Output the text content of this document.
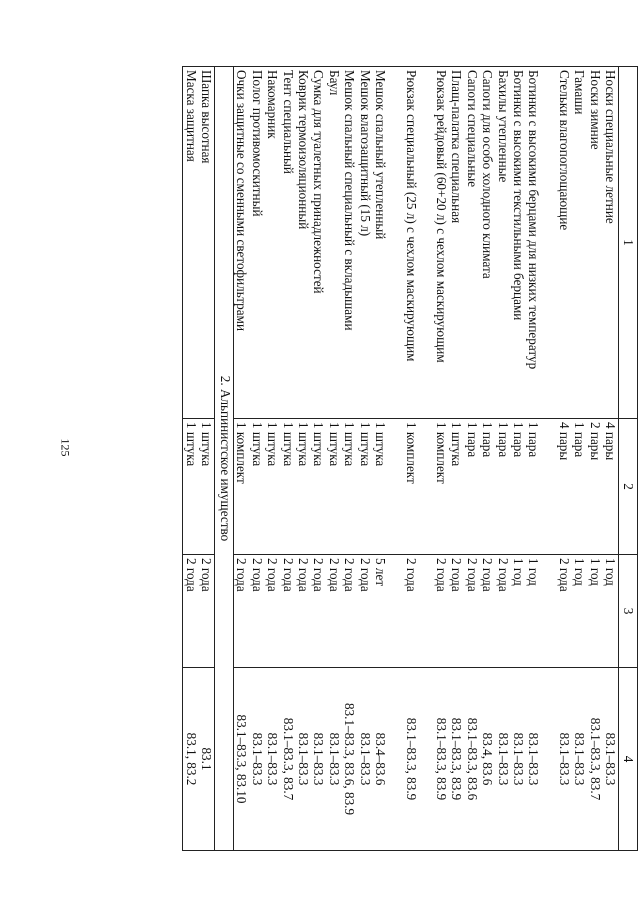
125
1	2	3	4

Носки специальные летние	4 пары	1 год	83.1–83.3

Носки зимние	2 пары	1 год	83.1–83.3, 83.7

Гамаши	1 пара	1 год	83.1–83.3

Стельки влагопоглощающие	4 пары	2 года	83.1–83.3

Ботинки с высокими берцами для низких температур	1 пара	1 год	83.1–83.3

Ботинки с высокими текстильными берцами	1 пара	1 год	83.1–83.3

Бахилы утепленные	1 пара	2 года	83.1–83.3

Сапоги для особо холодного климата	1 пара	2 года	83.4, 83.6

Сапоги специальные	1 пара	2 года	83.1–83.3, 83.6

Плащ-палатка специальная	1 штука	2 года	83.1–83.3, 83.9

Рюкзак рейдовый (60+20 л) с чехлом маскирующим	1 комплект	2 года	83.1–83.3, 83.9

Рюкзак специальный (25 л) с чехлом маскирующим	1 комплект	2 года	83.1–83.3, 83.9

Мешок спальный утепленный	1 штука	5 лет	83.4–83.6

Мешок влагозащитный (15 л)	1 штука	2 года	83.1–83.3

Мешок спальный специальный с вкладышами	1 штука	2 года	83.1–83.3, 83.6, 83.9

Баул	1 штука	2 года	83.1–83.3

Сумка для туалетных принадлежностей	1 штука	2 года	83.1–83.3

Коврик термоизоляционный	1 штука	2 года	83.1–83.3

Тент специальный	1 штука	2 года	83.1–83.3, 83.7

Накомарник	1 штука	2 года	83.1–83.3

Полог противомоскитный	1 штука	2 года	83.1–83.3

Очки защитные со сменными светофильтрами	1 комплект	2 года	83.1–83.3, 83.10
2. Альпинистское имущество			

Шапка высотная	1 штука	2 года	83.1

Маска защитная	1 штука	2 года	83.1, 83.2
